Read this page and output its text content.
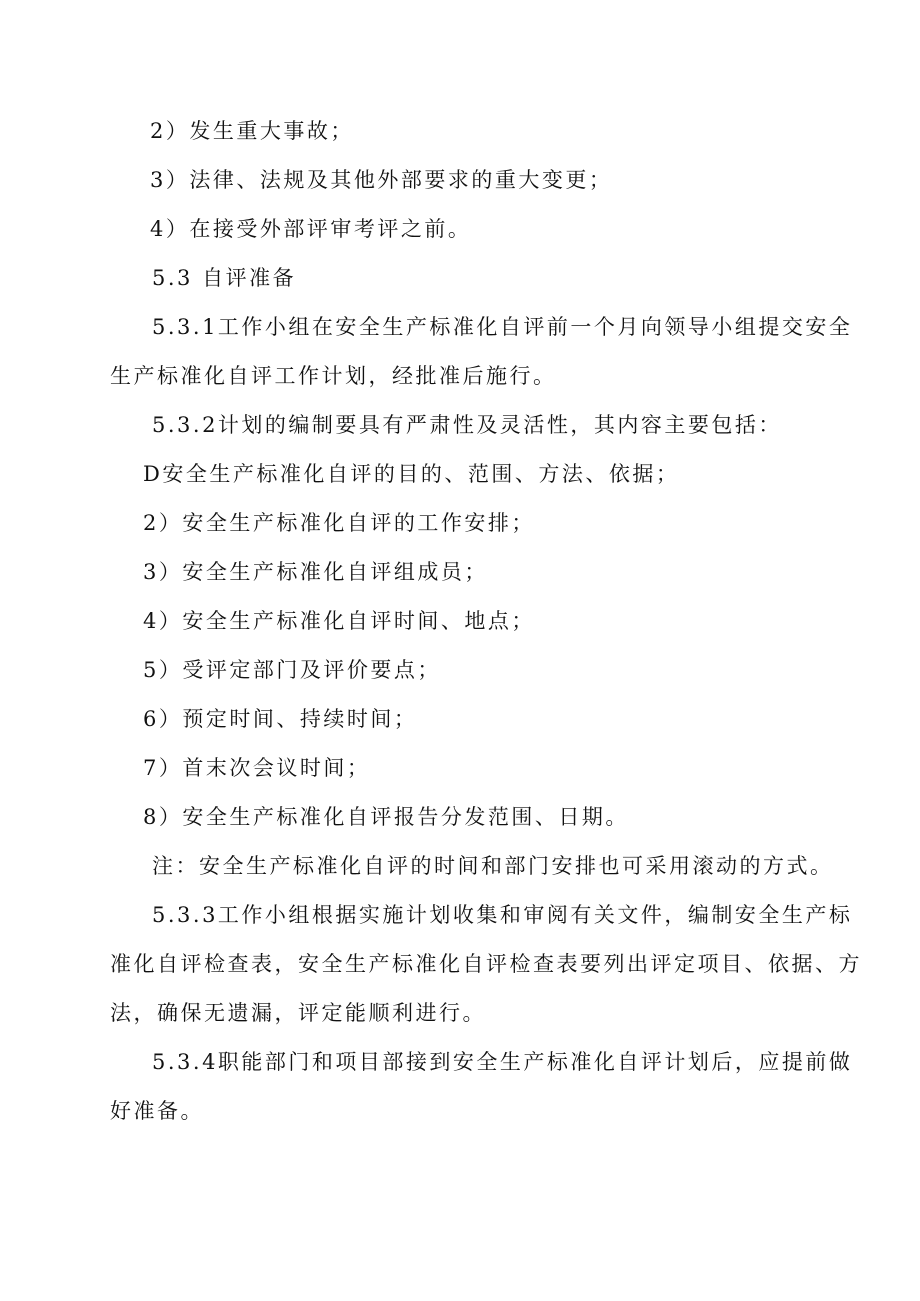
2）发生重大事故；

3）法律、法规及其他外部要求的重大变更；

4）在接受外部评审考评之前。

5.3 自评准备

5.3.1工作小组在安全生产标准化自评前一个月向领导小组提交安全

生产标准化自评工作计划，经批准后施行。

5.3.2计划的编制要具有严肃性及灵活性，其内容主要包括：

D安全生产标准化自评的目的、范围、方法、依据；

2）安全生产标准化自评的工作安排；

3）安全生产标准化自评组成员；

4）安全生产标准化自评时间、地点；

5）受评定部门及评价要点；

6）预定时间、持续时间；

7）首末次会议时间；

8）安全生产标准化自评报告分发范围、日期。

注：安全生产标准化自评的时间和部门安排也可采用滚动的方式。

5.3.3工作小组根据实施计划收集和审阅有关文件，编制安全生产标

准化自评检查表，安全生产标准化自评检查表要列出评定项目、依据、方

法，确保无遗漏，评定能顺利进行。

5.3.4职能部门和项目部接到安全生产标准化自评计划后，应提前做

好准备。
